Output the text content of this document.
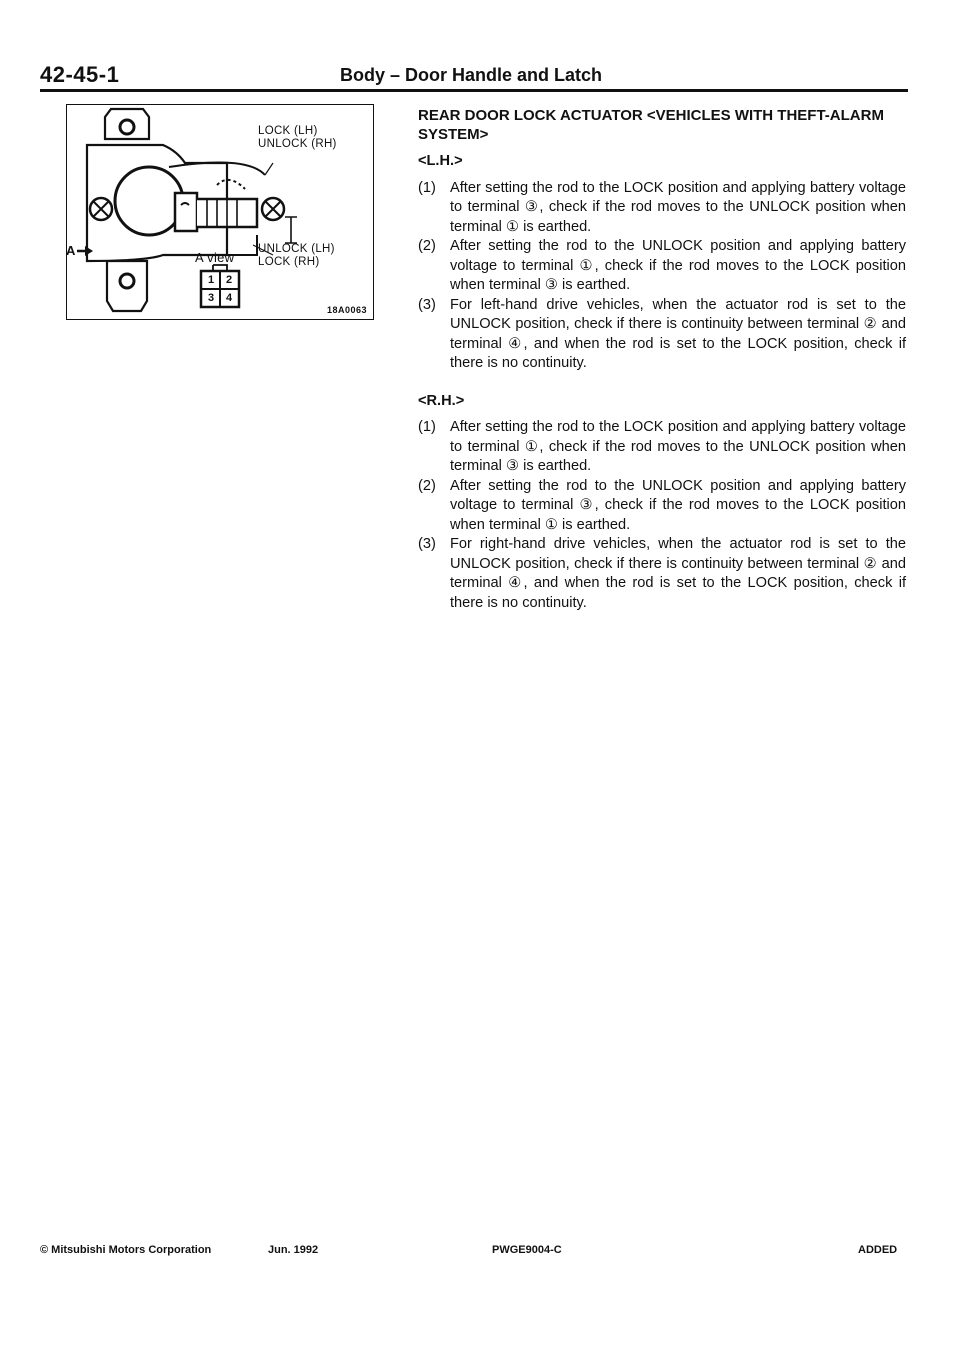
42-45-1	Body – Door Handle and Latch
LOCK (LH)
UNLOCK (RH)
UNLOCK (LH)
LOCK (RH)
A view
A
1 2
3 4
18A0063
REAR DOOR LOCK ACTUATOR <VEHICLES WITH THEFT-ALARM SYSTEM>
<L.H.>
(1) After setting the rod to the LOCK position and applying battery voltage to terminal ③, check if the rod moves to the UNLOCK position when terminal ① is earthed.
(2) After setting the rod to the UNLOCK position and applying battery voltage to terminal ①, check if the rod moves to the LOCK position when terminal ③ is earthed.
(3) For left-hand drive vehicles, when the actuator rod is set to the UNLOCK position, check if there is continuity between terminal ② and terminal ④, and when the rod is set to the LOCK position, check if there is no continuity.
<R.H.>
(1) After setting the rod to the LOCK position and applying battery voltage to terminal ①, check if the rod moves to the UNLOCK position when terminal ③ is earthed.
(2) After setting the rod to the UNLOCK position and applying battery voltage to terminal ③, check if the rod moves to the LOCK position when terminal ① is earthed.
(3) For right-hand drive vehicles, when the actuator rod is set to the UNLOCK position, check if there is continuity between terminal ② and terminal ④, and when the rod is set to the LOCK position, check if there is no continuity.
© Mitsubishi Motors Corporation	Jun. 1992	PWGE9004-C	ADDED
